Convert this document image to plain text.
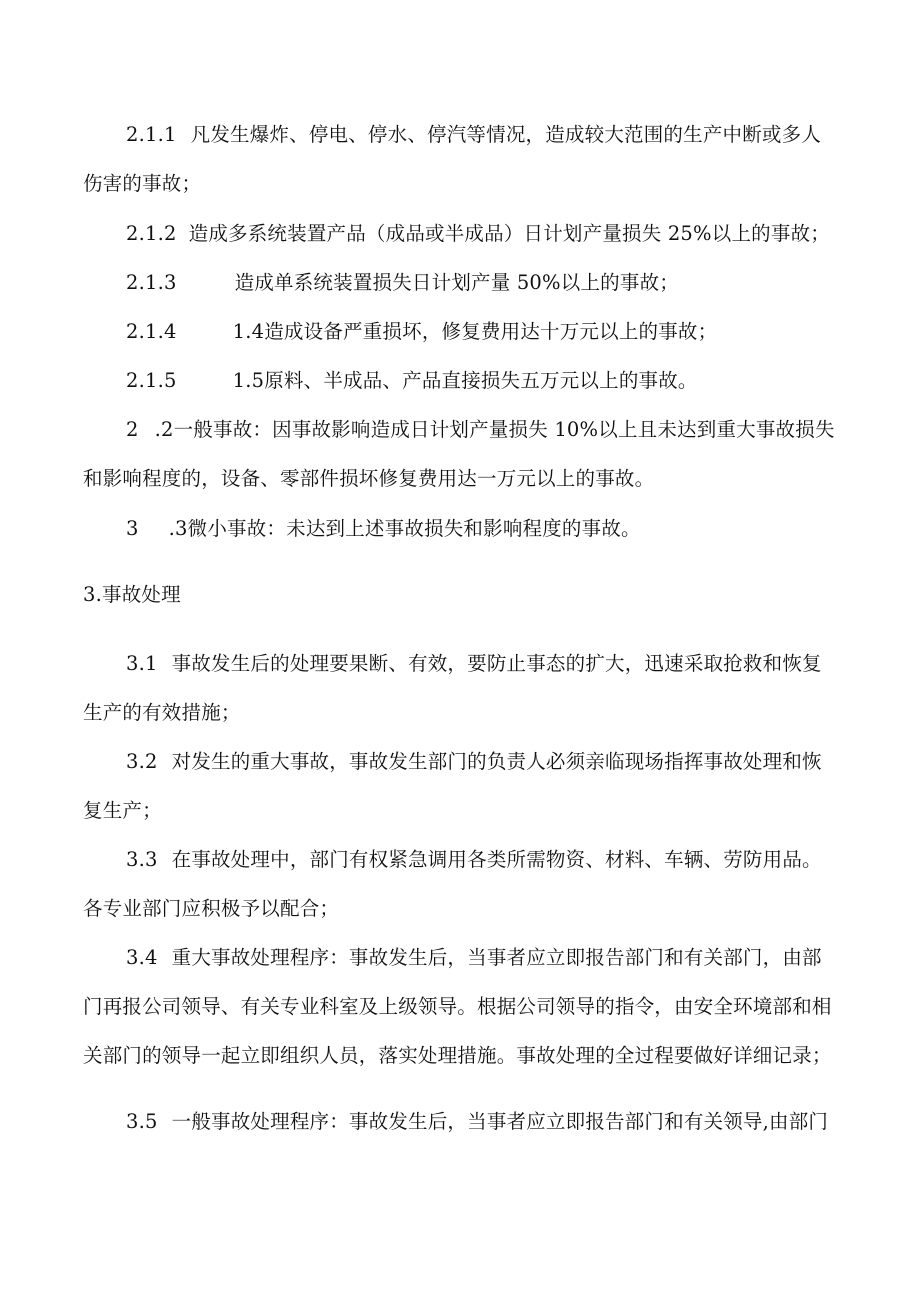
2.1.1 凡发生爆炸、停电、停水、停汽等情况，造成较大范围的生产中断或多人
伤害的事故；
2.1.2 造成多系统装置产品（成品或半成品）日计划产量损失 25%以上的事故；
2.1.3	造成单系统装置损失日计划产量 50%以上的事故；
2.1.4	1.4造成设备严重损坏，修复费用达十万元以上的事故；
2.1.5	1.5原料、半成品、产品直接损失五万元以上的事故。
2 .2一般事故：因事故影响造成日计划产量损失 10%以上且未达到重大事故损失
和影响程度的，设备、零部件损坏修复费用达一万元以上的事故。
3 .3微小事故：未达到上述事故损失和影响程度的事故。
3.事故处理
3.1 事故发生后的处理要果断、有效，要防止事态的扩大，迅速采取抢救和恢复
生产的有效措施；
3.2 对发生的重大事故，事故发生部门的负责人必须亲临现场指挥事故处理和恢
复生产；
3.3 在事故处理中，部门有权紧急调用各类所需物资、材料、车辆、劳防用品。
各专业部门应积极予以配合；
3.4 重大事故处理程序：事故发生后，当事者应立即报告部门和有关部门，由部
门再报公司领导、有关专业科室及上级领导。根据公司领导的指令，由安全环境部和相
关部门的领导一起立即组织人员，落实处理措施。事故处理的全过程要做好详细记录；
3.5 一般事故处理程序：事故发生后，当事者应立即报告部门和有关领导,由部门
